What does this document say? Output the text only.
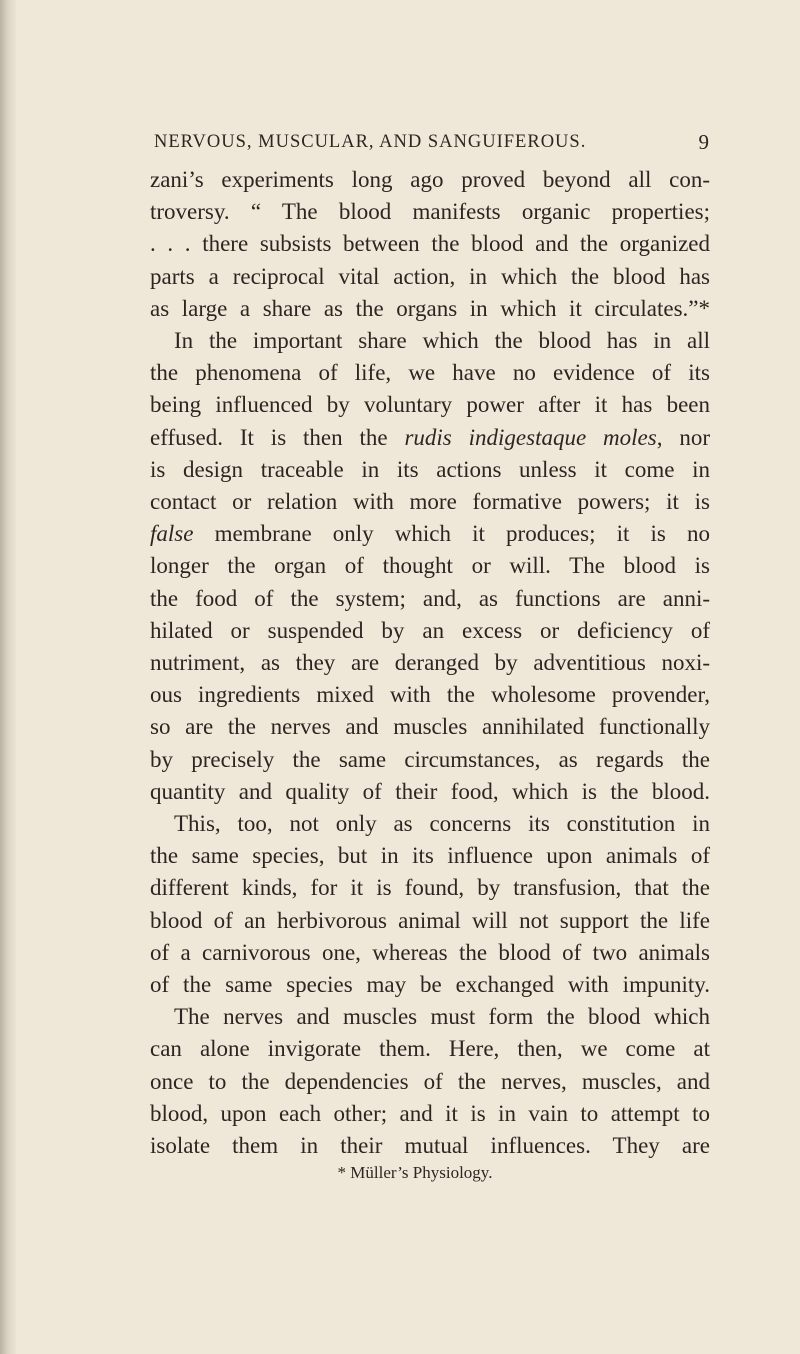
NERVOUS, MUSCULAR, AND SANGUIFEROUS.	9
zani’s experiments long ago proved beyond all con-
troversy. “ The blood manifests organic properties;
. . . there subsists between the blood and the organized
parts a reciprocal vital action, in which the blood has
as large a share as the organs in which it circulates.”*
In the important share which the blood has in all
the phenomena of life, we have no evidence of its
being influenced by voluntary power after it has been
effused. It is then the rudis indigestaque moles, nor
is design traceable in its actions unless it come in
contact or relation with more formative powers; it is
false membrane only which it produces; it is no
longer the organ of thought or will. The blood is
the food of the system; and, as functions are anni-
hilated or suspended by an excess or deficiency of
nutriment, as they are deranged by adventitious noxi-
ous ingredients mixed with the wholesome provender,
so are the nerves and muscles annihilated functionally
by precisely the same circumstances, as regards the
quantity and quality of their food, which is the blood.
This, too, not only as concerns its constitution in
the same species, but in its influence upon animals of
different kinds, for it is found, by transfusion, that the
blood of an herbivorous animal will not support the life
of a carnivorous one, whereas the blood of two animals
of the same species may be exchanged with impunity.
The nerves and muscles must form the blood which
can alone invigorate them. Here, then, we come at
once to the dependencies of the nerves, muscles, and
blood, upon each other; and it is in vain to attempt to
isolate them in their mutual influences. They are
* Müller’s Physiology.
